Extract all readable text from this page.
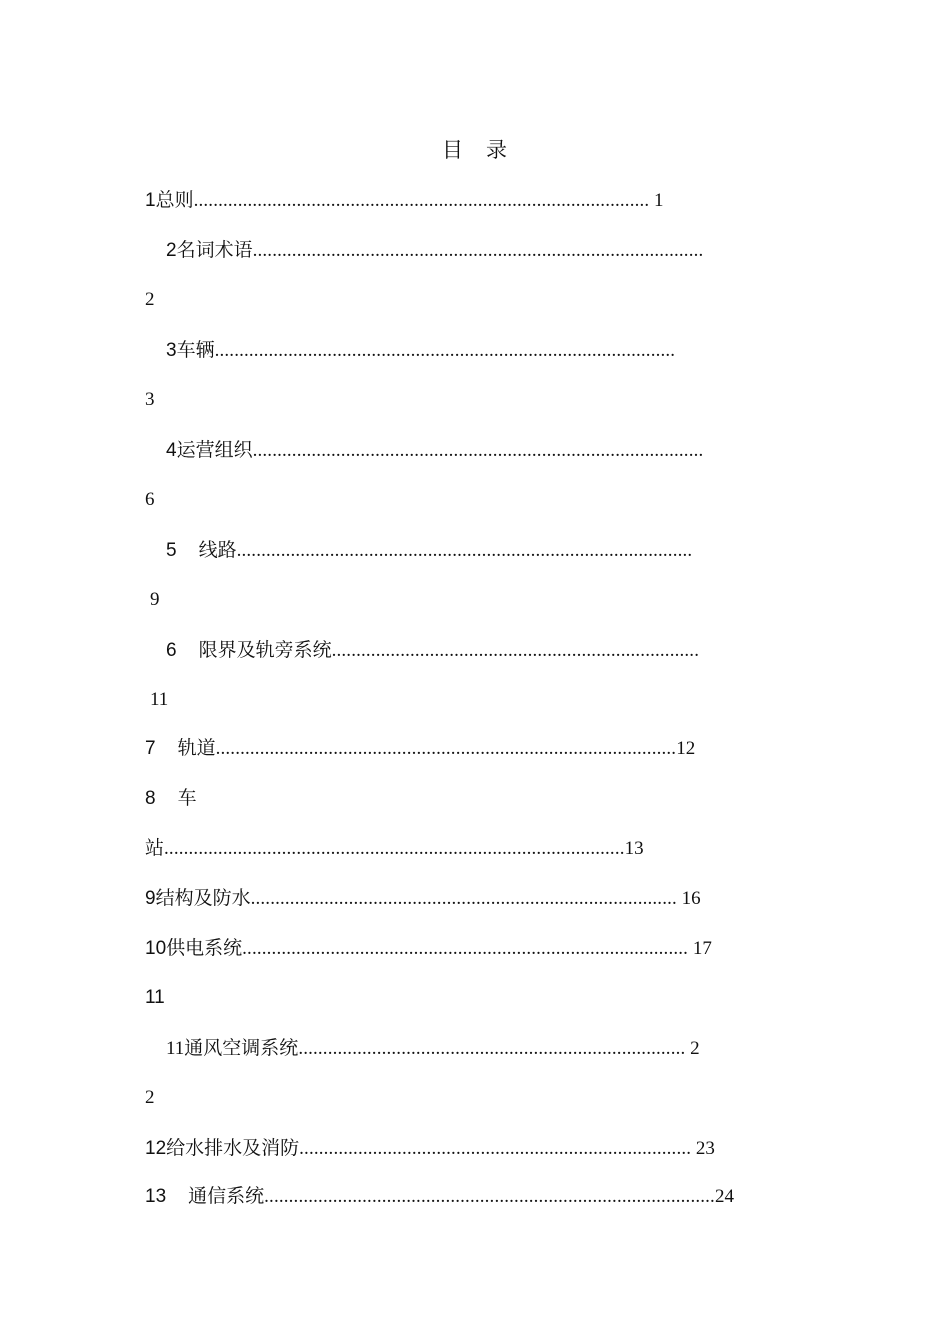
目　录
1总则............................................................................................. 1
2名词术语............................................................................................
2
3车辆..............................................................................................
3
4运营组织............................................................................................
6
5 线路.............................................................................................
9
6 限界及轨旁系统...........................................................................
11
7 轨道..............................................................................................12
8 车
站..............................................................................................13
9结构及防水....................................................................................... 16
10供电系统........................................................................................... 17
11
11通风空调系统............................................................................... 2
2
12给水排水及消防................................................................................ 23
13 通信系统............................................................................................24
